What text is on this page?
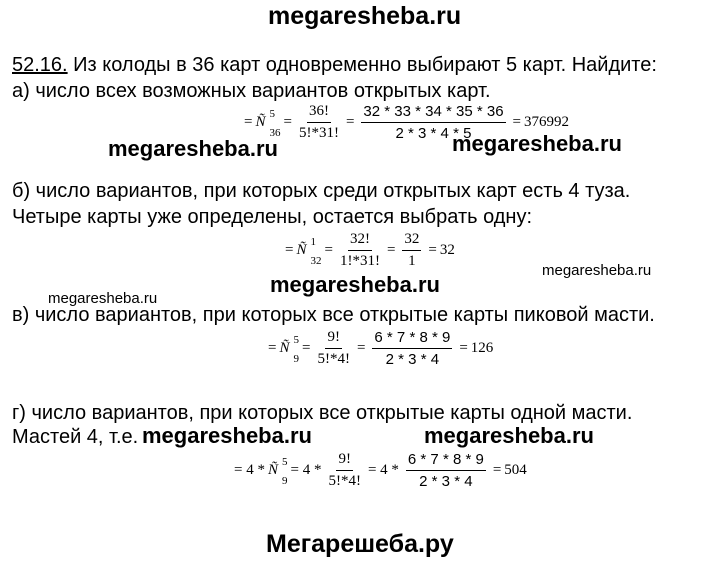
megaresheba.ru
52.16. Из колоды в 36 карт одновременно выбирают 5 карт. Найдите:
а) число всех возможных вариантов открытых карт.
= Ñ
5
36
= $\frac{36!}{5!*31!} = \frac{32 * 33 * 34 * 35 * 36}{2 * 3 * 4 * 5} = 376992$
б) число вариантов, при которых среди открытых карт есть 4 туза.
Четыре карты уже определены, остается выбрать одну:
= Ñ
1
32
= $\frac{32!}{1!*31!} = \frac{32}{1} = 32$
в) число вариантов, при которых все открытые карты пиковой масти.
= Ñ
5
9
= $\frac{9!}{5!*4!} = \frac{6 * 7 * 8 * 9}{2 * 3 * 4} = 126$
г) число вариантов, при которых все открытые карты одной масти.
Мастей 4, т.е.
= 4 * Ñ
5
9
= $4 * \frac{9!}{5!*4!} = 4 * \frac{6 * 7 * 8 * 9}{2 * 3 * 4} = 504$
megaresheba.ru	megaresheba.ru
megaresheba.ru
megaresheba.ru
megaresheba.ru
megaresheba.ru	megaresheba.ru
Мегарешеба.ру
